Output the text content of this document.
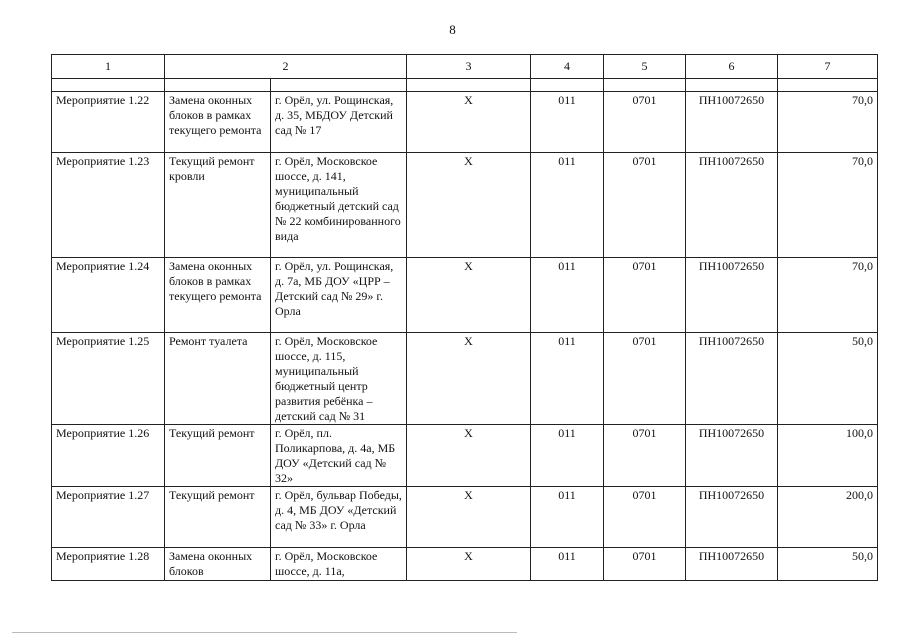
8
1	2		3	4	5	6	7

Мероприятие 1.22	Замена оконных блоков в рамках текущего ремонта	г. Орёл, ул. Рощинская, д. 35, МБДОУ Детский сад № 17	Х	011	0701	ПН10072650	70,0
Мероприятие 1.23	Текущий ремонт кровли	г. Орёл, Московское шоссе, д. 141, муниципальный бюджетный детский сад № 22 комбинированного вида	Х	011	0701	ПН10072650	70,0
Мероприятие 1.24	Замена оконных блоков в рамках текущего ремонта	г. Орёл, ул. Рощинская, д. 7а, МБ ДОУ «ЦРР – Детский сад № 29» г. Орла	Х	011	0701	ПН10072650	70,0
Мероприятие 1.25	Ремонт туалета	г. Орёл, Московское шоссе, д. 115, муниципальный бюджетный центр развития ребёнка – детский сад № 31	Х	011	0701	ПН10072650	50,0
Мероприятие 1.26	Текущий ремонт	г. Орёл, пл. Поликарпова, д. 4а, МБ ДОУ «Детский сад № 32»	Х	011	0701	ПН10072650	100,0
Мероприятие 1.27	Текущий ремонт	г. Орёл, бульвар Победы, д. 4, МБ ДОУ «Детский сад № 33» г. Орла	Х	011	0701	ПН10072650	200,0
Мероприятие 1.28	Замена оконных блоков	г. Орёл, Московское шоссе, д. 11а,	Х	011	0701	ПН10072650	50,0
